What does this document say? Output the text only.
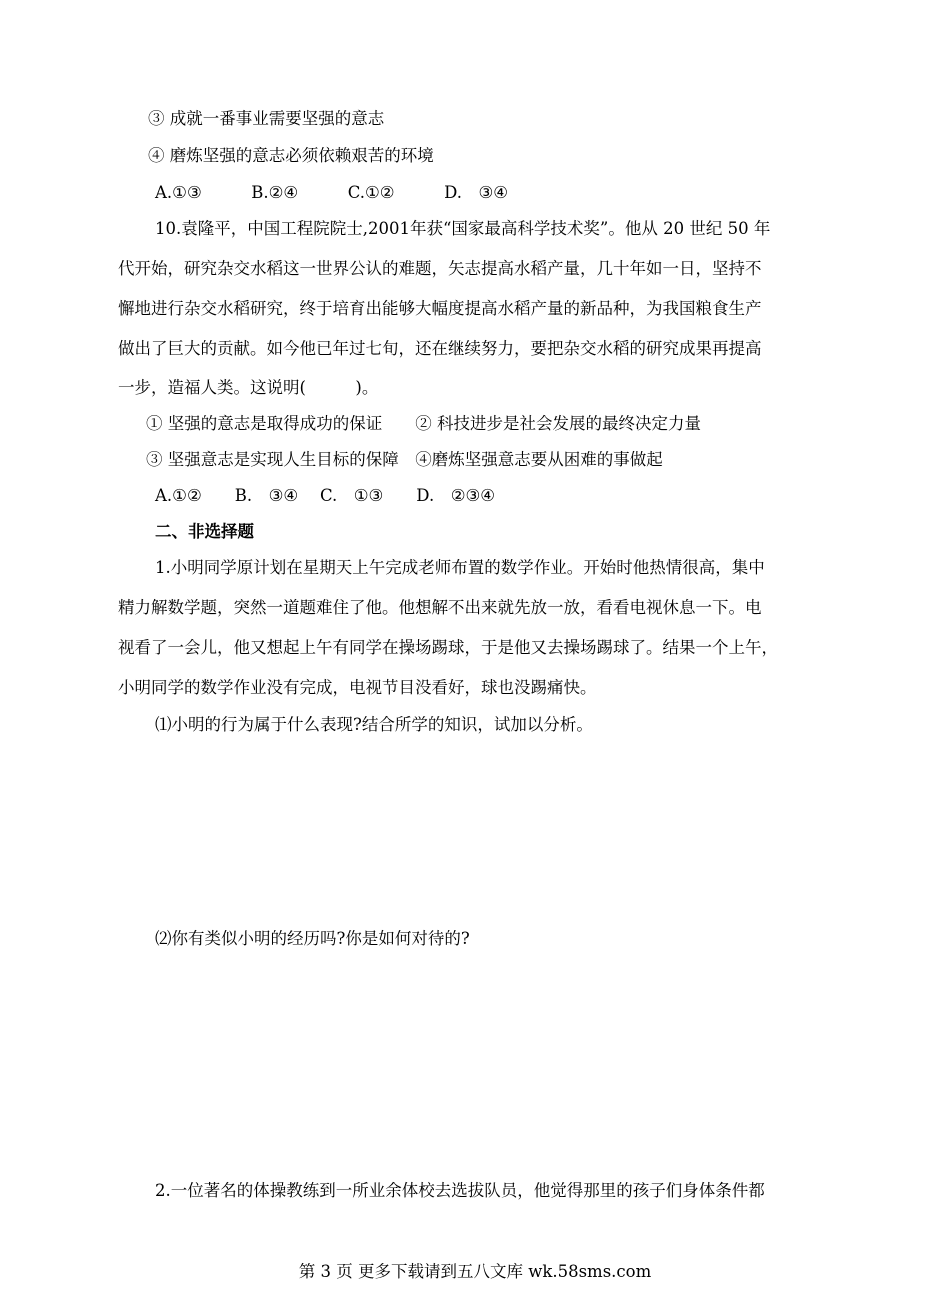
③ 成就一番事业需要坚强的意志
④ 磨炼坚强的意志必须依赖艰苦的环境
A.①③　　　B.②④　　　C.①②　　　D.　③④
10.袁隆平，中国工程院院士,2001年获“国家最高科学技术奖”。他从 20 世纪 50 年
代开始，研究杂交水稻这一世界公认的难题，矢志提高水稻产量，几十年如一日，坚持不
懈地进行杂交水稻研究，终于培育出能够大幅度提高水稻产量的新品种，为我国粮食生产
做出了巨大的贡献。如今他已年过七旬，还在继续努力，要把杂交水稻的研究成果再提高
一步，造福人类。这说明(　　　)。
① 坚强的意志是取得成功的保证　　② 科技进步是社会发展的最终决定力量
③ 坚强意志是实现人生目标的保障　④磨炼坚强意志要从困难的事做起
A.①②　　B.　③④　 C.　①③　　D.　②③④
二、非选择题
1.小明同学原计划在星期天上午完成老师布置的数学作业。开始时他热情很高，集中
精力解数学题，突然一道题难住了他。他想解不出来就先放一放，看看电视休息一下。电
视看了一会儿，他又想起上午有同学在操场踢球，于是他又去操场踢球了。结果一个上午，
小明同学的数学作业没有完成，电视节目没看好，球也没踢痛快。
⑴小明的行为属于什么表现?结合所学的知识，试加以分析。
⑵你有类似小明的经历吗?你是如何对待的?
2.一位著名的体操教练到一所业余体校去选拔队员，他觉得那里的孩子们身体条件都
第 3 页 更多下载请到五八文库 wk.58sms.com
